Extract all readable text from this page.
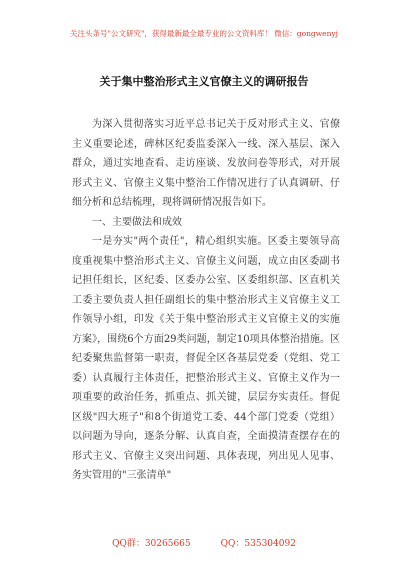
关注头条号"公文研究"，获得最新最全最专业的公文资料库！ 微信：gongwenyj
关于集中整治形式主义官僚主义的调研报告

为深入贯彻落实习近平总书记关于反对形式主义、官僚主义重要论述，碑林区纪委监委深入一线、深入基层、深入群众，通过实地查看、走访座谈、发放问卷等形式，对开展形式主义、官僚主义集中整治工作情况进行了认真调研、仔细分析和总结梳理，现将调研情况报告如下。

一、主要做法和成效

一是夯实"两个责任"，精心组织实施。区委主要领导高度重视集中整治形式主义、官僚主义问题，成立由区委副书记担任组长，区纪委、区委办公室、区委组织部、区直机关工委主要负责人担任副组长的集中整治形式主义官僚主义工作领导小组，印发《关于集中整治形式主义官僚主义的实施方案》，围绕6个方面29类问题，制定10项具体整治措施。区纪委聚焦监督第一职责，督促全区各基层党委（党组、党工委）认真履行主体责任，把整治形式主义、官僚主义作为一项重要的政治任务，抓重点、抓关键，层层夯实责任。督促区级"四大班子"和8个街道党工委、44个部门党委（党组）以问题为导向，逐条分解、认真自查，全面摸清查摆存在的形式主义、官僚主义突出问题、具体表现，列出见人见事、务实管用的"三张清单"

QQ群：30265665	QQ：535304092
